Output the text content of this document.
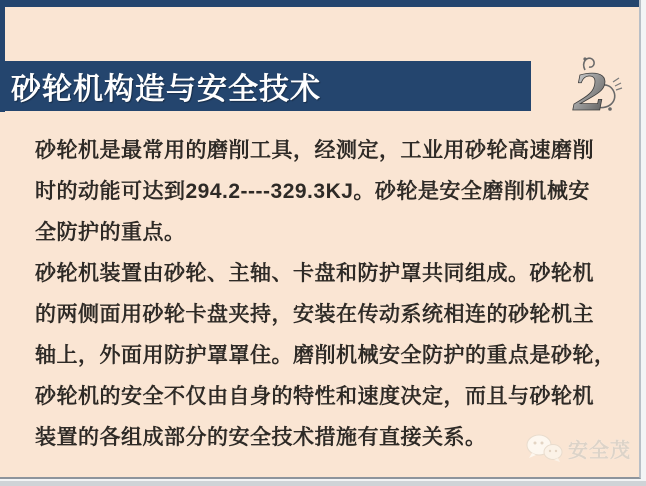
砂轮机构造与安全技术	2
砂轮机是最常用的磨削工具，经测定，工业用砂轮高速磨削
时的动能可达到294.2----329.3KJ。砂轮是安全磨削机械安
全防护的重点。
砂轮机装置由砂轮、主轴、卡盘和防护罩共同组成。砂轮机
的两侧面用砂轮卡盘夹持，安装在传动系统相连的砂轮机主
轴上，外面用防护罩罩住。磨削机械安全防护的重点是砂轮，
砂轮机的安全不仅由自身的特性和速度决定，而且与砂轮机
装置的各组成部分的安全技术措施有直接关系。
安全茂
